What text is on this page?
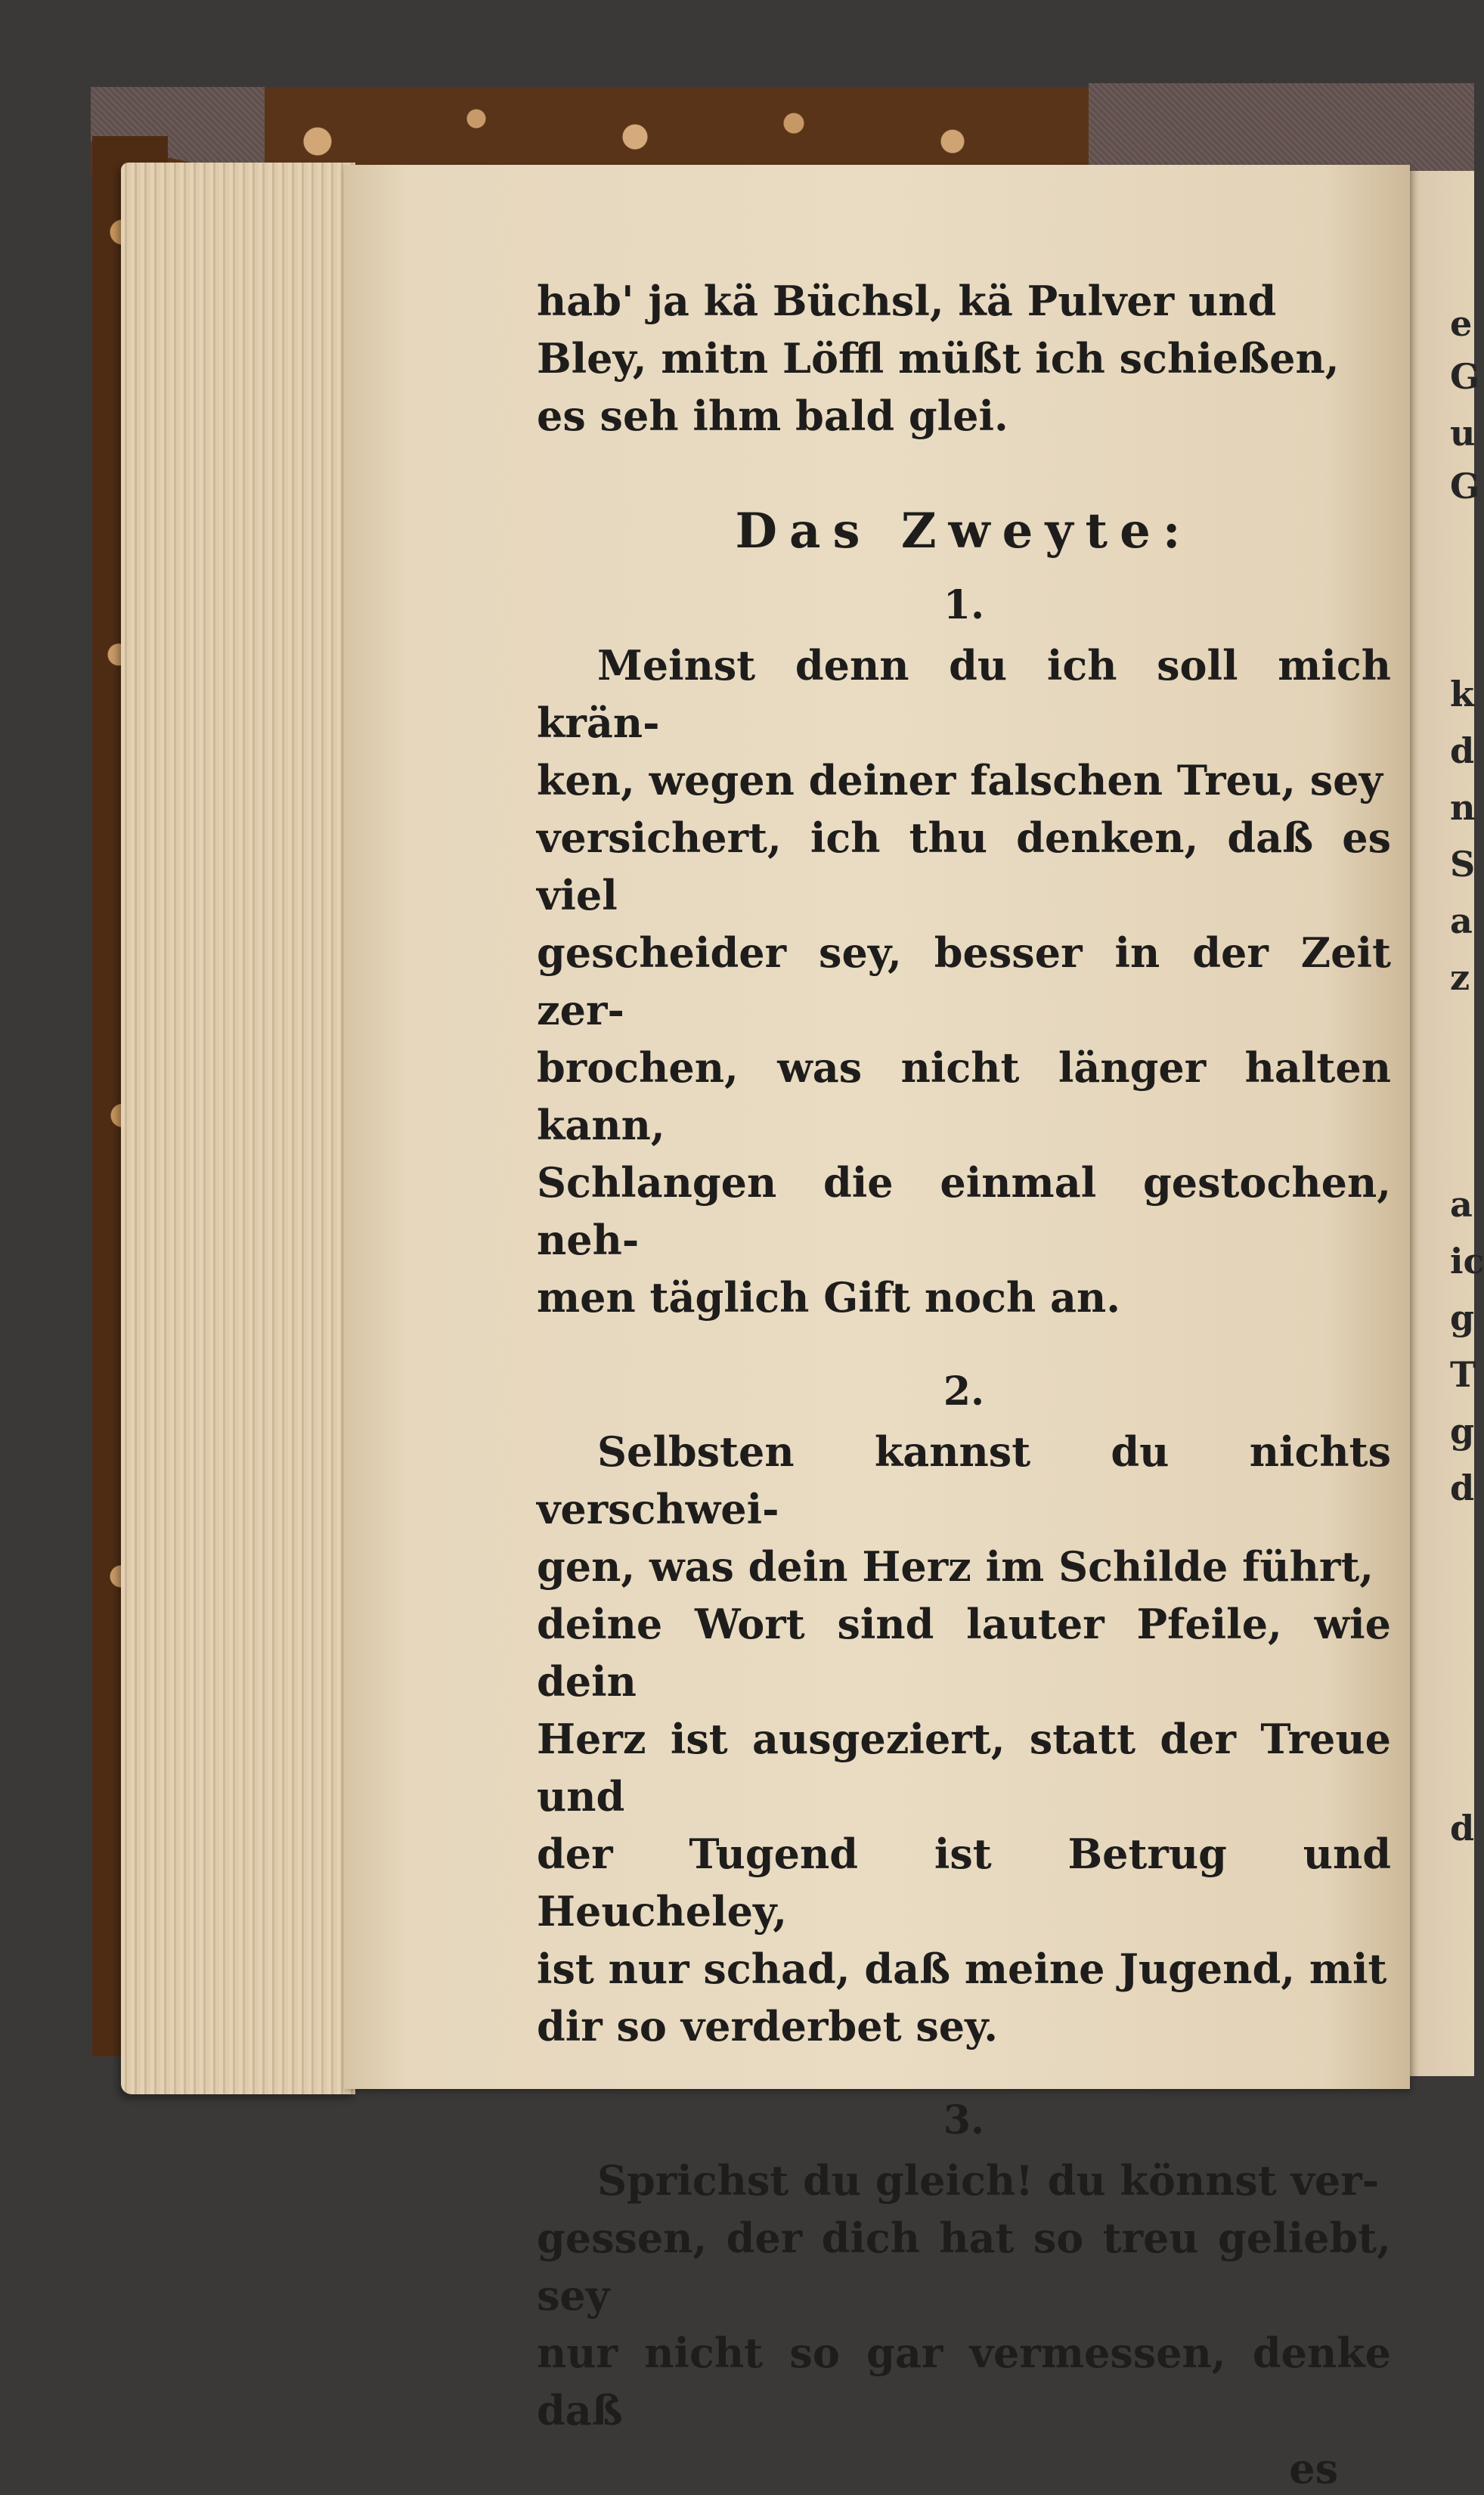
e
G
u
G
k
d
n
S
a
z
a
ic
g
T
g
d
d

hab' ja kä Büchsl, kä Pulver und

Bley, mitn Löffl müßt ich schießen,

es seh ihm bald glei.

Das Zweyte:
1.

Meinst denn du ich soll mich krän-

ken, wegen deiner falschen Treu, sey

versichert, ich thu denken, daß es viel

gescheider sey, besser in der Zeit zer-

brochen, was nicht länger halten kann,

Schlangen die einmal gestochen, neh-

men täglich Gift noch an.

2.

Selbsten kannst du nichts verschwei-

gen, was dein Herz im Schilde führt,

deine Wort sind lauter Pfeile, wie dein

Herz ist ausgeziert, statt der Treue und

der Tugend ist Betrug und Heucheley,

ist nur schad, daß meine Jugend, mit

dir so verderbet sey.

3.

Sprichst du gleich! du könnst ver-

gessen, der dich hat so treu geliebt, sey

nur nicht so gar vermessen, denke daß

es
